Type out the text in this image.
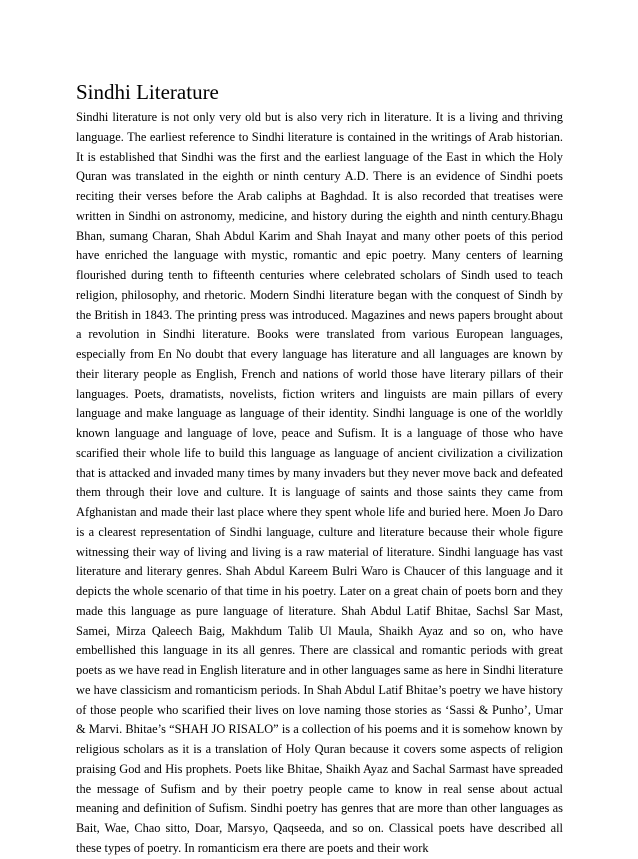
Sindhi Literature

Sindhi literature is not only very old but is also very rich in literature. It is a living and thriving language. The earliest reference to Sindhi literature is contained in the writings of Arab historian. It is established that Sindhi was the first and the earliest language of the East in which the Holy Quran was translated in the eighth or ninth century A.D. There is an evidence of Sindhi poets reciting their verses before the Arab caliphs at Baghdad. It is also recorded that treatises were written in Sindhi on astronomy, medicine, and history during the eighth and ninth century.Bhagu Bhan, sumang Charan, Shah Abdul Karim and Shah Inayat and many other poets of this period have enriched the language with mystic, romantic and epic poetry. Many centers of learning flourished during tenth to fifteenth centuries where celebrated scholars of Sindh used to teach religion, philosophy, and rhetoric. Modern Sindhi literature began with the conquest of Sindh by the British in 1843. The printing press was introduced. Magazines and news papers brought about a revolution in Sindhi literature. Books were translated from various European languages, especially from En No doubt that every language has literature and all languages are known by their literary people as English, French and nations of world those have literary pillars of their languages. Poets, dramatists, novelists, fiction writers and linguists are main pillars of every language and make language as language of their identity. Sindhi language is one of the worldly known language and language of love, peace and Sufism. It is a language of those who have scarified their whole life to build this language as language of ancient civilization a civilization that is attacked and invaded many times by many invaders but they never move back and defeated them through their love and culture. It is language of saints and those saints they came from Afghanistan and made their last place where they spent whole life and buried here. Moen Jo Daro is a clearest representation of Sindhi language, culture and literature because their whole figure witnessing their way of living and living is a raw material of literature. Sindhi language has vast literature and literary genres. Shah Abdul Kareem Bulri Waro is Chaucer of this language and it depicts the whole scenario of that time in his poetry. Later on a great chain of poets born and they made this language as pure language of literature. Shah Abdul Latif Bhitae, Sachsl Sar Mast, Samei, Mirza Qaleech Baig, Makhdum Talib Ul Maula, Shaikh Ayaz and so on, who have embellished this language in its all genres. There are classical and romantic periods with great poets as we have read in English literature and in other languages same as here in Sindhi literature we have classicism and romanticism periods. In Shah Abdul Latif Bhitae’s poetry we have history of those people who scarified their lives on love naming those stories as ‘Sassi & Punho’, Umar & Marvi. Bhitae’s “SHAH JO RISALO” is a collection of his poems and it is somehow known by religious scholars as it is a translation of Holy Quran because it covers some aspects of religion praising God and His prophets. Poets like Bhitae, Shaikh Ayaz and Sachal Sarmast have spreaded the message of Sufism and by their poetry people came to know in real sense about actual meaning and definition of Sufism. Sindhi poetry has genres that are more than other languages as Bait, Wae, Chao sitto, Doar, Marsyo, Qaqseeda, and so on. Classical poets have described all these types of poetry. In romanticism era there are poets and their work
